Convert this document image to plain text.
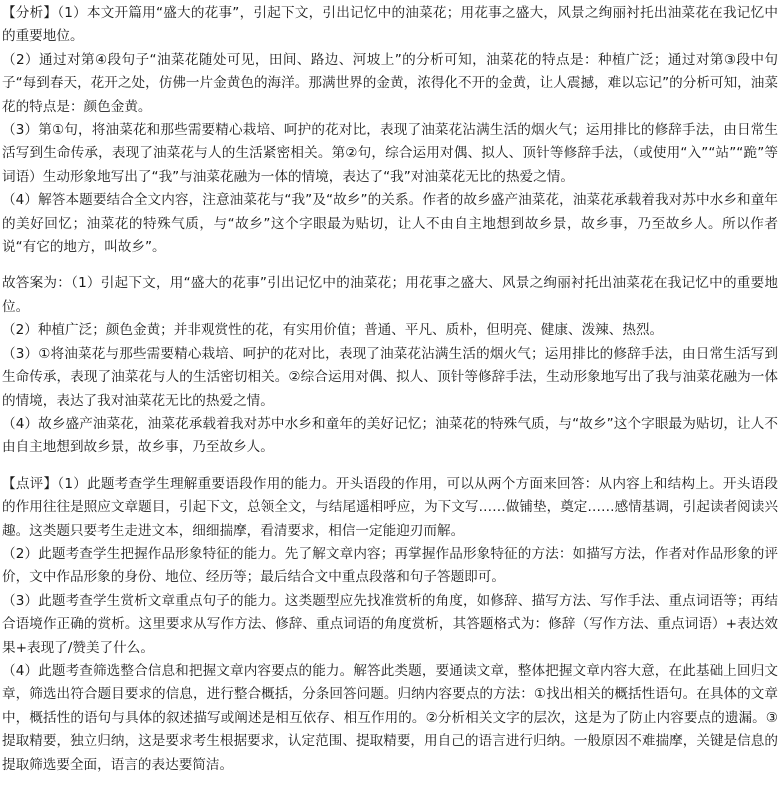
【分析】（1）本文开篇用“盛大的花事”，引起下文，引出记忆中的油菜花；用花事之盛大，风景之绚丽衬托出油菜花在我记忆中的重要地位。

（2）通过对第④段句子“油菜花随处可见，田间、路边、河坡上”的分析可知，油菜花的特点是：种植广泛；通过对第③段中句子“每到春天，花开之处，仿佛一片金黄色的海洋。那满世界的金黄，浓得化不开的金黄，让人震撼，难以忘记”的分析可知，油菜花的特点是：颜色金黄。

（3）第①句，将油菜花和那些需要精心栽培、呵护的花对比，表现了油菜花沾满生活的烟火气；运用排比的修辞手法，由日常生活写到生命传承，表现了油菜花与人的生活紧密相关。第②句，综合运用对偶、拟人、顶针等修辞手法，（或使用“入”“站”“跪”等词语）生动形象地写出了“我”与油菜花融为一体的情境，表达了“我”对油菜花无比的热爱之情。

（4）解答本题要结合全文内容，注意油菜花与“我”及“故乡”的关系。作者的故乡盛产油菜花，油菜花承载着我对苏中水乡和童年的美好回忆；油菜花的特殊气质，与“故乡”这个字眼最为贴切，让人不由自主地想到故乡景，故乡事，乃至故乡人。所以作者说“有它的地方，叫故乡”。

故答案为：（1）引起下文，用“盛大的花事”引出记忆中的油菜花；用花事之盛大、风景之绚丽衬托出油菜花在我记忆中的重要地位。

（2）种植广泛；颜色金黄；并非观赏性的花，有实用价值；普通、平凡、质朴，但明亮、健康、泼辣、热烈。

（3）①将油菜花与那些需要精心栽培、呵护的花对比，表现了油菜花沾满生活的烟火气；运用排比的修辞手法，由日常生活写到生命传承，表现了油菜花与人的生活密切相关。②综合运用对偶、拟人、顶针等修辞手法，生动形象地写出了我与油菜花融为一体的情境，表达了我对油菜花无比的热爱之情。

（4）故乡盛产油菜花，油菜花承载着我对苏中水乡和童年的美好记忆；油菜花的特殊气质，与“故乡”这个字眼最为贴切，让人不由自主地想到故乡景，故乡事，乃至故乡人。

【点评】（1）此题考查学生理解重要语段作用的能力。开头语段的作用，可以从两个方面来回答：从内容上和结构上。开头语段的作用往往是照应文章题目，引起下文，总领全文，与结尾遥相呼应，为下文写……做铺垫，奠定……感情基调，引起读者阅读兴趣。这类题只要考生走进文本，细细揣摩，看清要求，相信一定能迎刃而解。

（2）此题考查学生把握作品形象特征的能力。先了解文章内容；再掌握作品形象特征的方法：如描写方法，作者对作品形象的评价，文中作品形象的身份、地位、经历等；最后结合文中重点段落和句子答题即可。

（3）此题考查学生赏析文章重点句子的能力。这类题型应先找准赏析的角度，如修辞、描写方法、写作手法、重点词语等；再结合语境作正确的赏析。这里要求从写作方法、修辞、重点词语的角度赏析，其答题格式为：修辞（写作方法、重点词语）+表达效果+表现了/赞美了什么。

（4）此题考查筛选整合信息和把握文章内容要点的能力。解答此类题，要通读文章，整体把握文章内容大意，在此基础上回归文章，筛选出符合题目要求的信息，进行整合概括，分条回答问题。归纳内容要点的方法：①找出相关的概括性语句。在具体的文章中，概括性的语句与具体的叙述描写或阐述是相互依存、相互作用的。②分析相关文字的层次，这是为了防止内容要点的遗漏。③提取精要，独立归纳，这是要求考生根据要求，认定范围、提取精要，用自己的语言进行归纳。一般原因不难揣摩，关键是信息的提取筛选要全面，语言的表达要简洁。
